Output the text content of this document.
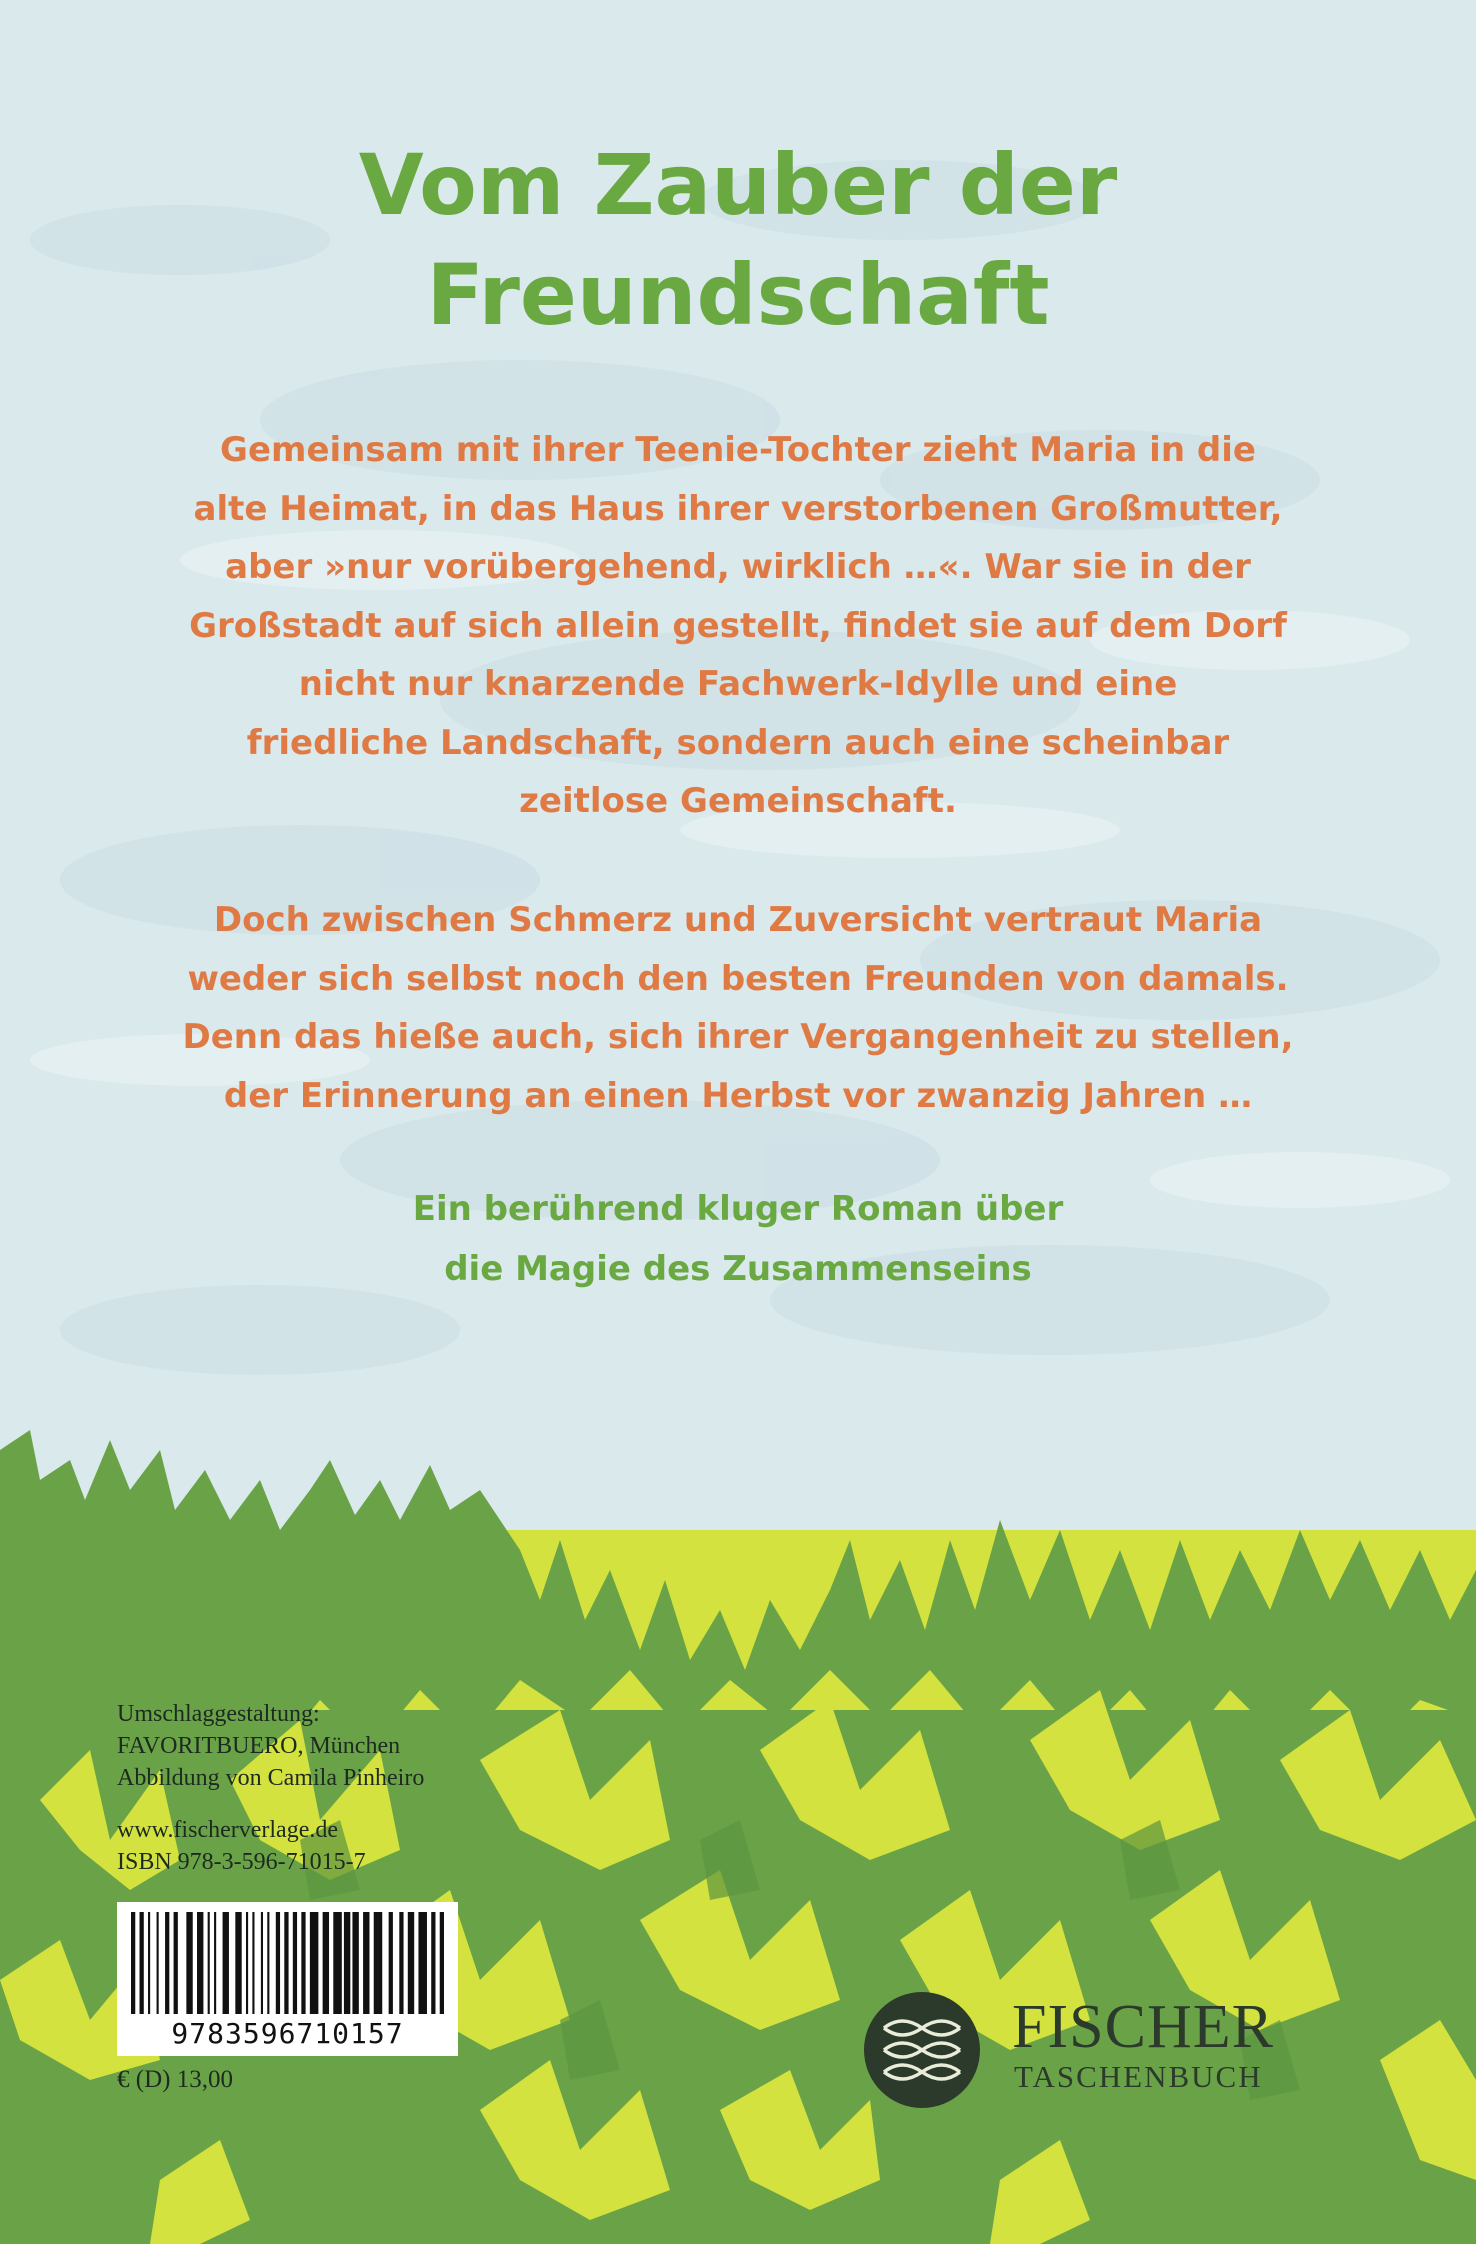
Vom Zauber der
Freundschaft

Gemeinsam mit ihrer Teenie-Tochter zieht Maria in die
alte Heimat, in das Haus ihrer verstorbenen Großmutter,
aber »nur vorübergehend, wirklich …«. War sie in der
Großstadt auf sich allein gestellt, findet sie auf dem Dorf
nicht nur knarzende Fachwerk-Idylle und eine
friedliche Landschaft, sondern auch eine scheinbar
zeitlose Gemeinschaft.

Doch zwischen Schmerz und Zuversicht vertraut Maria
weder sich selbst noch den besten Freunden von damals.
Denn das hieße auch, sich ihrer Vergangenheit zu stellen,
der Erinnerung an einen Herbst vor zwanzig Jahren …

Ein berührend kluger Roman über
die Magie des Zusammenseins

Umschlaggestaltung:
FAVORITBUERO, München
Abbildung von Camila Pinheiro
www.fischerverlage.de
ISBN 978-3-596-71015-7
9783596710157
€ (D) 13,00
FISCHER
TASCHENBUCH
